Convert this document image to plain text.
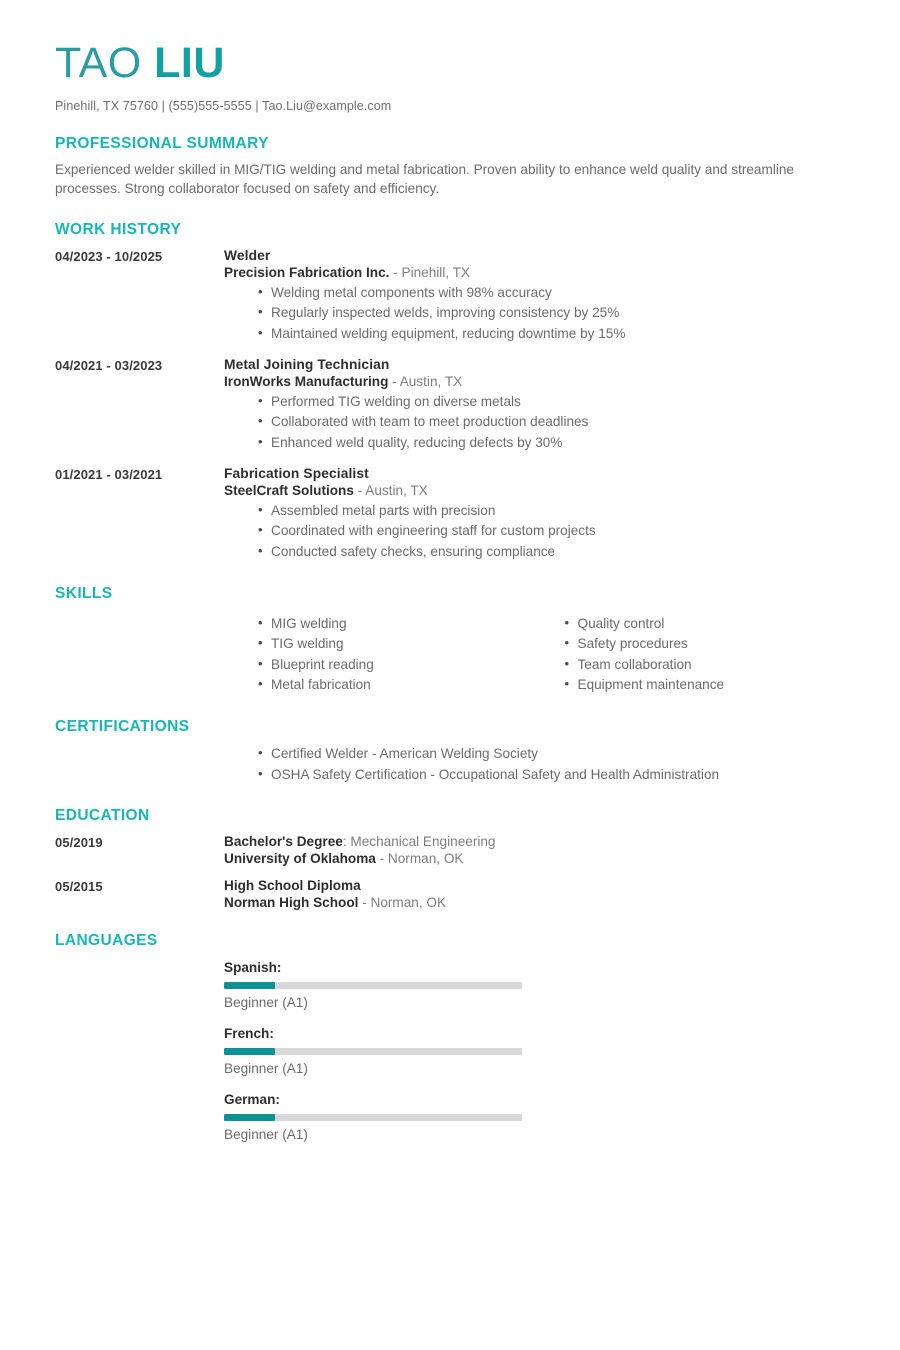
TAO LIU
Pinehill, TX 75760 | (555)555-5555 | Tao.Liu@example.com
PROFESSIONAL SUMMARY
Experienced welder skilled in MIG/TIG welding and metal fabrication. Proven ability to enhance weld quality and streamline processes. Strong collaborator focused on safety and efficiency.
WORK HISTORY
04/2023 - 10/2025	Welder
Precision Fabrication Inc. - Pinehill, TX
• Welding metal components with 98% accuracy
• Regularly inspected welds, improving consistency by 25%
• Maintained welding equipment, reducing downtime by 15%
04/2021 - 03/2023	Metal Joining Technician
IronWorks Manufacturing - Austin, TX
• Performed TIG welding on diverse metals
• Collaborated with team to meet production deadlines
• Enhanced weld quality, reducing defects by 30%
01/2021 - 03/2021	Fabrication Specialist
SteelCraft Solutions - Austin, TX
• Assembled metal parts with precision
• Coordinated with engineering staff for custom projects
• Conducted safety checks, ensuring compliance
SKILLS
• MIG welding
• TIG welding
• Blueprint reading
• Metal fabrication
• Quality control
• Safety procedures
• Team collaboration
• Equipment maintenance
CERTIFICATIONS
• Certified Welder - American Welding Society
• OSHA Safety Certification - Occupational Safety and Health Administration
EDUCATION
05/2019	Bachelor's Degree: Mechanical Engineering
University of Oklahoma - Norman, OK
05/2015	High School Diploma
Norman High School - Norman, OK
LANGUAGES
Spanish:
Beginner (A1)
French:
Beginner (A1)
German:
Beginner (A1)
